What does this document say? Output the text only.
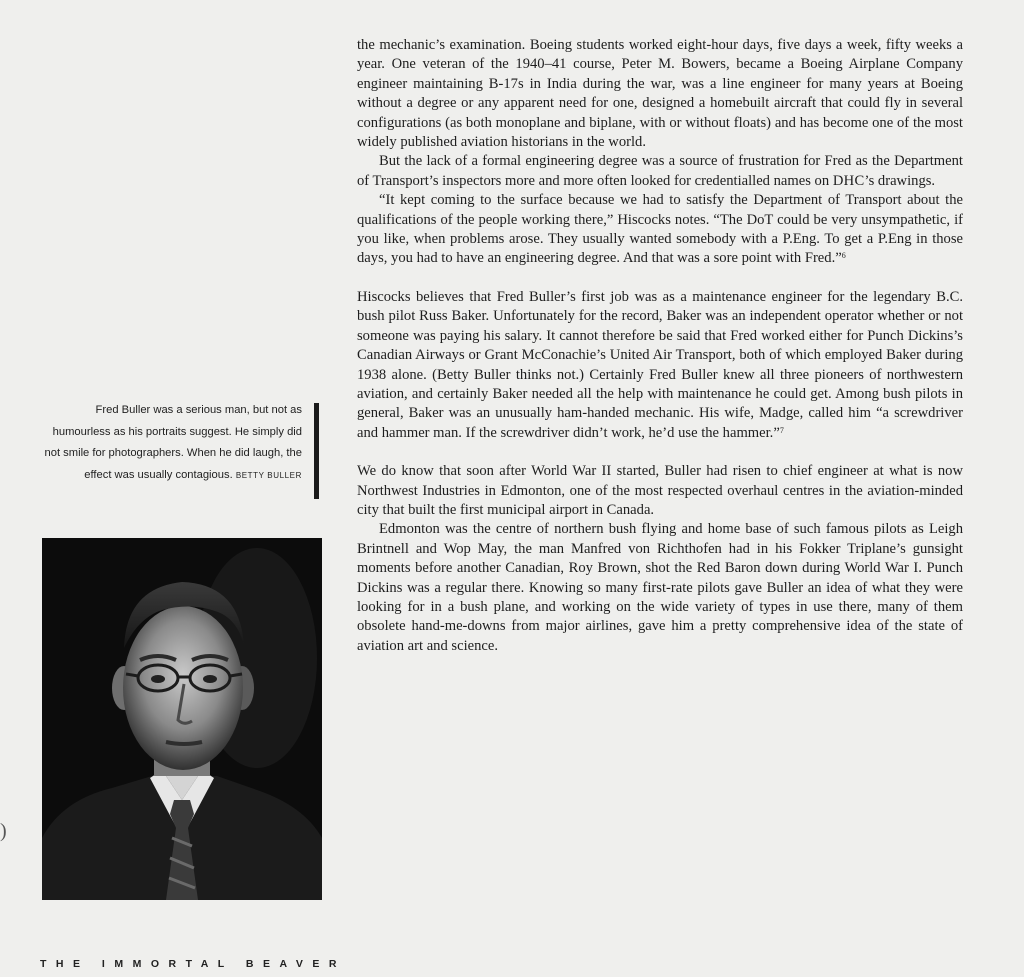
)

the mechanic’s examination. Boeing students worked eight-hour days, five days a week, fifty weeks a year. One veteran of the 1940–41 course, Peter M. Bowers, became a Boeing Airplane Company engineer maintaining B-17s in India during the war, was a line engineer for many years at Boeing without a degree or any apparent need for one, designed a homebuilt aircraft that could fly in several configurations (as both monoplane and biplane, with or without floats) and has become one of the most widely published aviation historians in the world.

But the lack of a formal engineering degree was a source of frustration for Fred as the Department of Transport’s inspectors more and more often looked for credentialled names on DHC’s drawings.

“It kept coming to the surface because we had to satisfy the Department of Transport about the qualifications of the people working there,” Hiscocks notes. “The DoT could be very unsympathetic, if you like, when problems arose. They usually wanted somebody with a P.Eng. To get a P.Eng in those days, you had to have an engineering degree. And that was a sore point with Fred.”$^6$

Hiscocks believes that Fred Buller’s first job was as a maintenance engineer for the legendary B.C. bush pilot Russ Baker. Unfortunately for the record, Baker was an independent operator whether or not someone was paying his salary. It cannot therefore be said that Fred worked either for Punch Dickins’s Canadian Airways or Grant McConachie’s United Air Transport, both of which employed Baker during 1938 alone. (Betty Buller thinks not.) Certainly Fred Buller knew all three pioneers of northwestern aviation, and certainly Baker needed all the help with maintenance he could get. Among bush pilots in general, Baker was an unusually ham-handed mechanic. His wife, Madge, called him “a screwdriver and hammer man. If the screwdriver didn’t work, he’d use the hammer.”$^7$

We do know that soon after World War II started, Buller had risen to chief engineer at what is now Northwest Industries in Edmonton, one of the most respected overhaul centres in the aviation-minded city that built the first municipal airport in Canada.

Edmonton was the centre of northern bush flying and home base of such famous pilots as Leigh Brintnell and Wop May, the man Manfred von Richthofen had in his Fokker Triplane’s gunsight moments before another Canadian, Roy Brown, shot the Red Baron down during World War I. Punch Dickins was a regular there. Knowing so many first-rate pilots gave Buller an idea of what they were looking for in a bush plane, and working on the wide variety of types in use there, many of them obsolete hand-me-downs from major airlines, gave him a pretty comprehensive idea of the state of aviation art and science.

Fred Buller was a serious man, but not as humourless as his portraits suggest. He simply did not smile for photographers. When he did laugh, the effect was usually contagious. BETTY BULLER
THE IMMORTAL BEAVER
